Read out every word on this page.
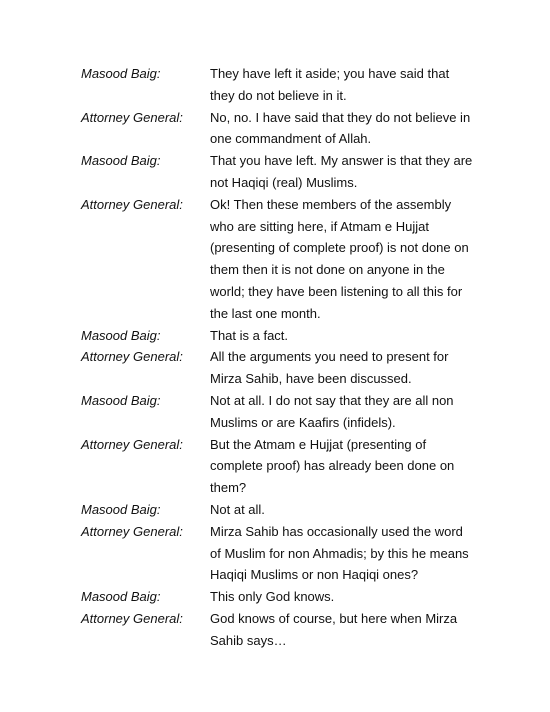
Masood Baig:	They have left it aside; you have said that they do not believe in it.
Attorney General:	No, no. I have said that they do not believe in one commandment of Allah.
Masood Baig:	That you have left. My answer is that they are not Haqiqi (real) Muslims.
Attorney General:	Ok! Then these members of the assembly who are sitting here, if Atmam e Hujjat (presenting of complete proof) is not done on them then it is not done on anyone in the world; they have been listening to all this for the last one month.
Masood Baig:	That is a fact.
Attorney General:	All the arguments you need to present for Mirza Sahib, have been discussed.
Masood Baig:	Not at all. I do not say that they are all non Muslims or are Kaafirs (infidels).
Attorney General:	But the Atmam e Hujjat (presenting of complete proof) has already been done on them?
Masood Baig:	Not at all.
Attorney General:	Mirza Sahib has occasionally used the word of Muslim for non Ahmadis; by this he means Haqiqi Muslims or non Haqiqi ones?
Masood Baig:	This only God knows.
Attorney General:	God knows of course, but here when Mirza Sahib says…
